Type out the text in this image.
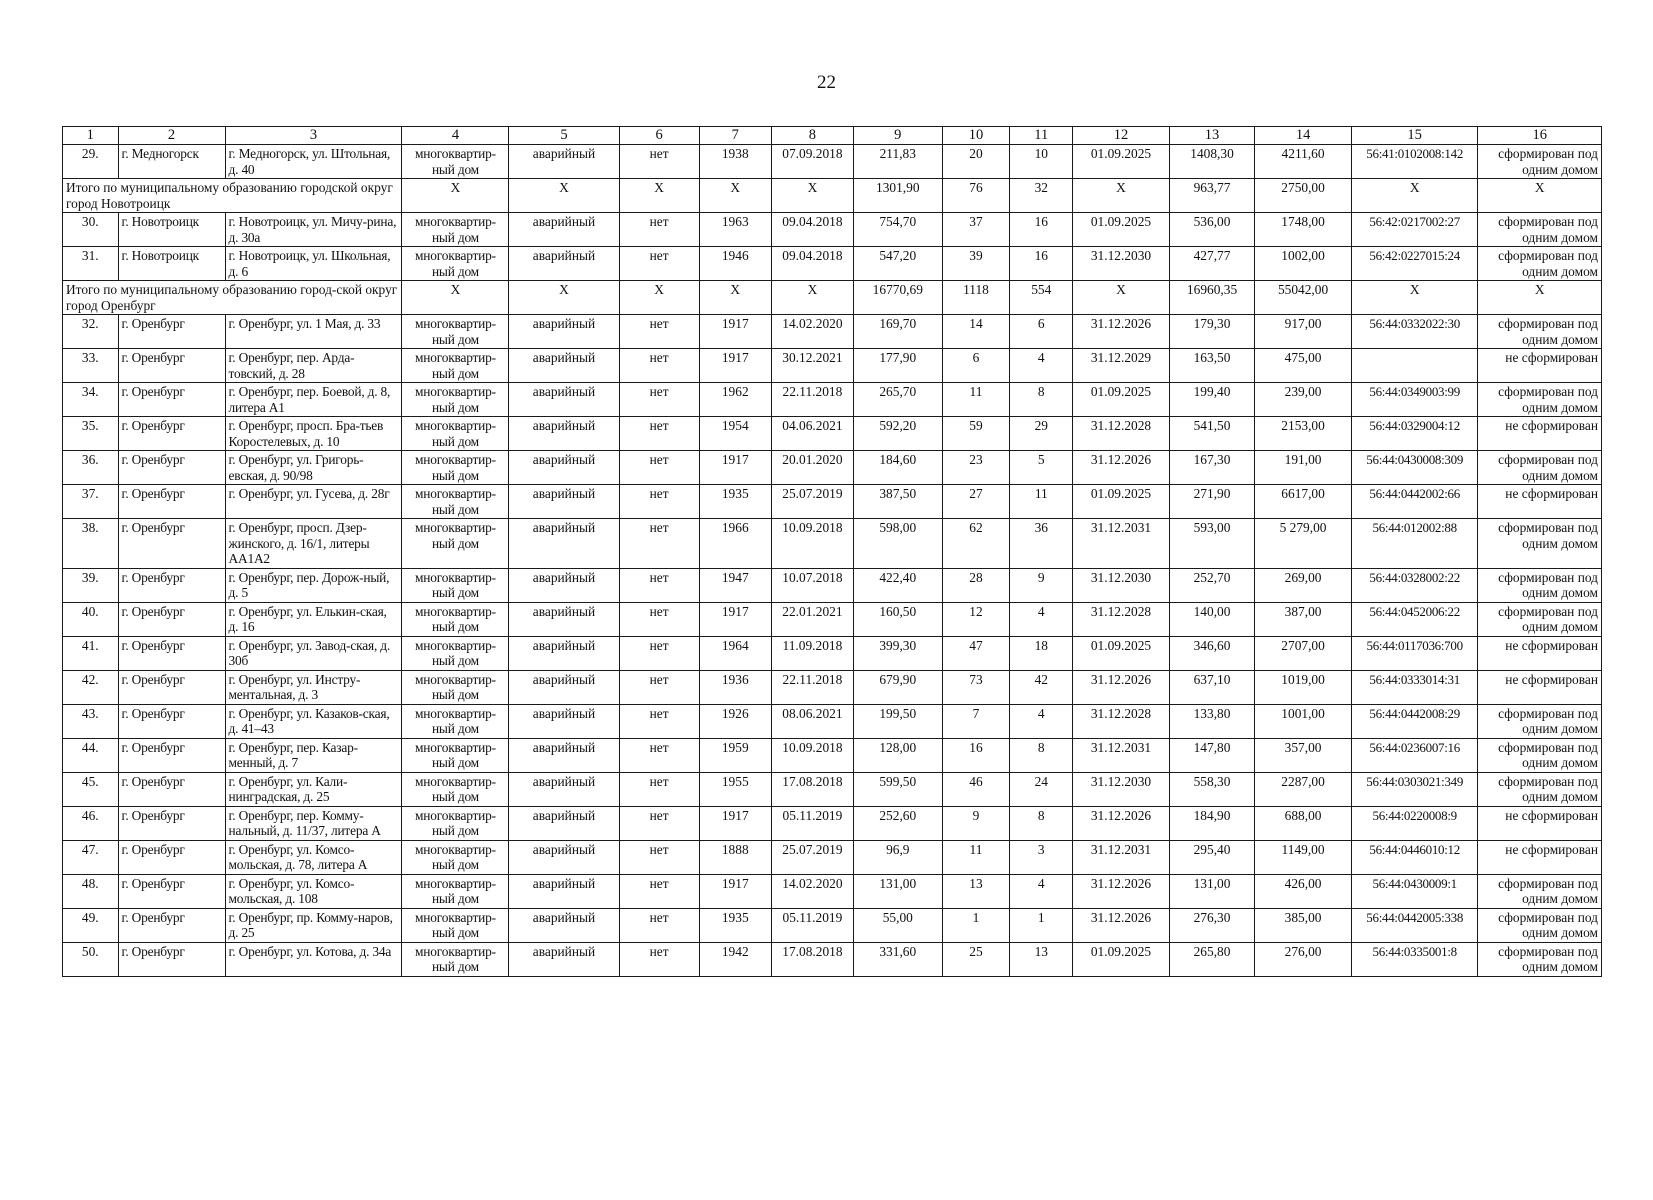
22
1	2	3	4	5	6	7	8	9	10	11	12	13	14	15	16
29.	г. Медногорск	г. Медногорск, ул. Штольная, д. 40	многоквартир-ный дом	аварийный	нет	1938	07.09.2018	211,83	20	10	01.09.2025	1408,30	4211,60	56:41:0102008:142	сформирован под одним домом
Итого по муниципальному образованию городской округ город Новотроицк			X	X	X	X	X	1301,90	76	32	X	963,77	2750,00	X	X
30.	г. Новотроицк	г. Новотроицк, ул. Мичу-рина, д. 30а	многоквартир-ный дом	аварийный	нет	1963	09.04.2018	754,70	37	16	01.09.2025	536,00	1748,00	56:42:0217002:27	сформирован под одним домом
31.	г. Новотроицк	г. Новотроицк, ул. Школьная, д. 6	многоквартир-ный дом	аварийный	нет	1946	09.04.2018	547,20	39	16	31.12.2030	427,77	1002,00	56:42:0227015:24	сформирован под одним домом
Итого по муниципальному образованию город-ской округ город Оренбург			X	X	X	X	X	16770,69	1118	554	X	16960,35	55042,00	X	X
32.	г. Оренбург	г. Оренбург, ул. 1 Мая, д. 33	многоквартир-ный дом	аварийный	нет	1917	14.02.2020	169,70	14	6	31.12.2026	179,30	917,00	56:44:0332022:30	сформирован под одним домом
33.	г. Оренбург	г. Оренбург, пер. Арда-товский, д. 28	многоквартир-ный дом	аварийный	нет	1917	30.12.2021	177,90	6	4	31.12.2029	163,50	475,00		не сформирован
34.	г. Оренбург	г. Оренбург, пер. Боевой, д. 8, литера А1	многоквартир-ный дом	аварийный	нет	1962	22.11.2018	265,70	11	8	01.09.2025	199,40	239,00	56:44:0349003:99	сформирован под одним домом
35.	г. Оренбург	г. Оренбург, просп. Бра-тьев Коростелевых, д. 10	многоквартир-ный дом	аварийный	нет	1954	04.06.2021	592,20	59	29	31.12.2028	541,50	2153,00	56:44:0329004:12	не сформирован
36.	г. Оренбург	г. Оренбург, ул. Григорь-евская, д. 90/98	многоквартир-ный дом	аварийный	нет	1917	20.01.2020	184,60	23	5	31.12.2026	167,30	191,00	56:44:0430008:309	сформирован под одним домом
37.	г. Оренбург	г. Оренбург, ул. Гусева, д. 28г	многоквартир-ный дом	аварийный	нет	1935	25.07.2019	387,50	27	11	01.09.2025	271,90	6617,00	56:44:0442002:66	не сформирован
38.	г. Оренбург	г. Оренбург, просп. Дзер-жинского, д. 16/1, литеры АА1А2	многоквартир-ный дом	аварийный	нет	1966	10.09.2018	598,00	62	36	31.12.2031	593,00	5 279,00	56:44:012002:88	сформирован под одним домом
39.	г. Оренбург	г. Оренбург, пер. Дорож-ный, д. 5	многоквартир-ный дом	аварийный	нет	1947	10.07.2018	422,40	28	9	31.12.2030	252,70	269,00	56:44:0328002:22	сформирован под одним домом
40.	г. Оренбург	г. Оренбург, ул. Елькин-ская, д. 16	многоквартир-ный дом	аварийный	нет	1917	22.01.2021	160,50	12	4	31.12.2028	140,00	387,00	56:44:0452006:22	сформирован под одним домом
41.	г. Оренбург	г. Оренбург, ул. Завод-ская, д. 30б	многоквартир-ный дом	аварийный	нет	1964	11.09.2018	399,30	47	18	01.09.2025	346,60	2707,00	56:44:0117036:700	не сформирован
42.	г. Оренбург	г. Оренбург, ул. Инстру-ментальная, д. 3	многоквартир-ный дом	аварийный	нет	1936	22.11.2018	679,90	73	42	31.12.2026	637,10	1019,00	56:44:0333014:31	не сформирован
43.	г. Оренбург	г. Оренбург, ул. Казаков-ская, д. 41–43	многоквартир-ный дом	аварийный	нет	1926	08.06.2021	199,50	7	4	31.12.2028	133,80	1001,00	56:44:0442008:29	сформирован под одним домом
44.	г. Оренбург	г. Оренбург, пер. Казар-менный, д. 7	многоквартир-ный дом	аварийный	нет	1959	10.09.2018	128,00	16	8	31.12.2031	147,80	357,00	56:44:0236007:16	сформирован под одним домом
45.	г. Оренбург	г. Оренбург, ул. Кали-нинградская, д. 25	многоквартир-ный дом	аварийный	нет	1955	17.08.2018	599,50	46	24	31.12.2030	558,30	2287,00	56:44:0303021:349	сформирован под одним домом
46.	г. Оренбург	г. Оренбург, пер. Комму-нальный, д. 11/37, литера А	многоквартир-ный дом	аварийный	нет	1917	05.11.2019	252,60	9	8	31.12.2026	184,90	688,00	56:44:0220008:9	не сформирован
47.	г. Оренбург	г. Оренбург, ул. Комсо-мольская, д. 78, литера А	многоквартир-ный дом	аварийный	нет	1888	25.07.2019	96,9	11	3	31.12.2031	295,40	1149,00	56:44:0446010:12	не сформирован
48.	г. Оренбург	г. Оренбург, ул. Комсо-мольская, д. 108	многоквартир-ный дом	аварийный	нет	1917	14.02.2020	131,00	13	4	31.12.2026	131,00	426,00	56:44:0430009:1	сформирован под одним домом
49.	г. Оренбург	г. Оренбург, пр. Комму-наров, д. 25	многоквартир-ный дом	аварийный	нет	1935	05.11.2019	55,00	1	1	31.12.2026	276,30	385,00	56:44:0442005:338	сформирован под одним домом
50.	г. Оренбург	г. Оренбург, ул. Котова, д. 34а	многоквартир-ный дом	аварийный	нет	1942	17.08.2018	331,60	25	13	01.09.2025	265,80	276,00	56:44:0335001:8	сформирован под одним домом
